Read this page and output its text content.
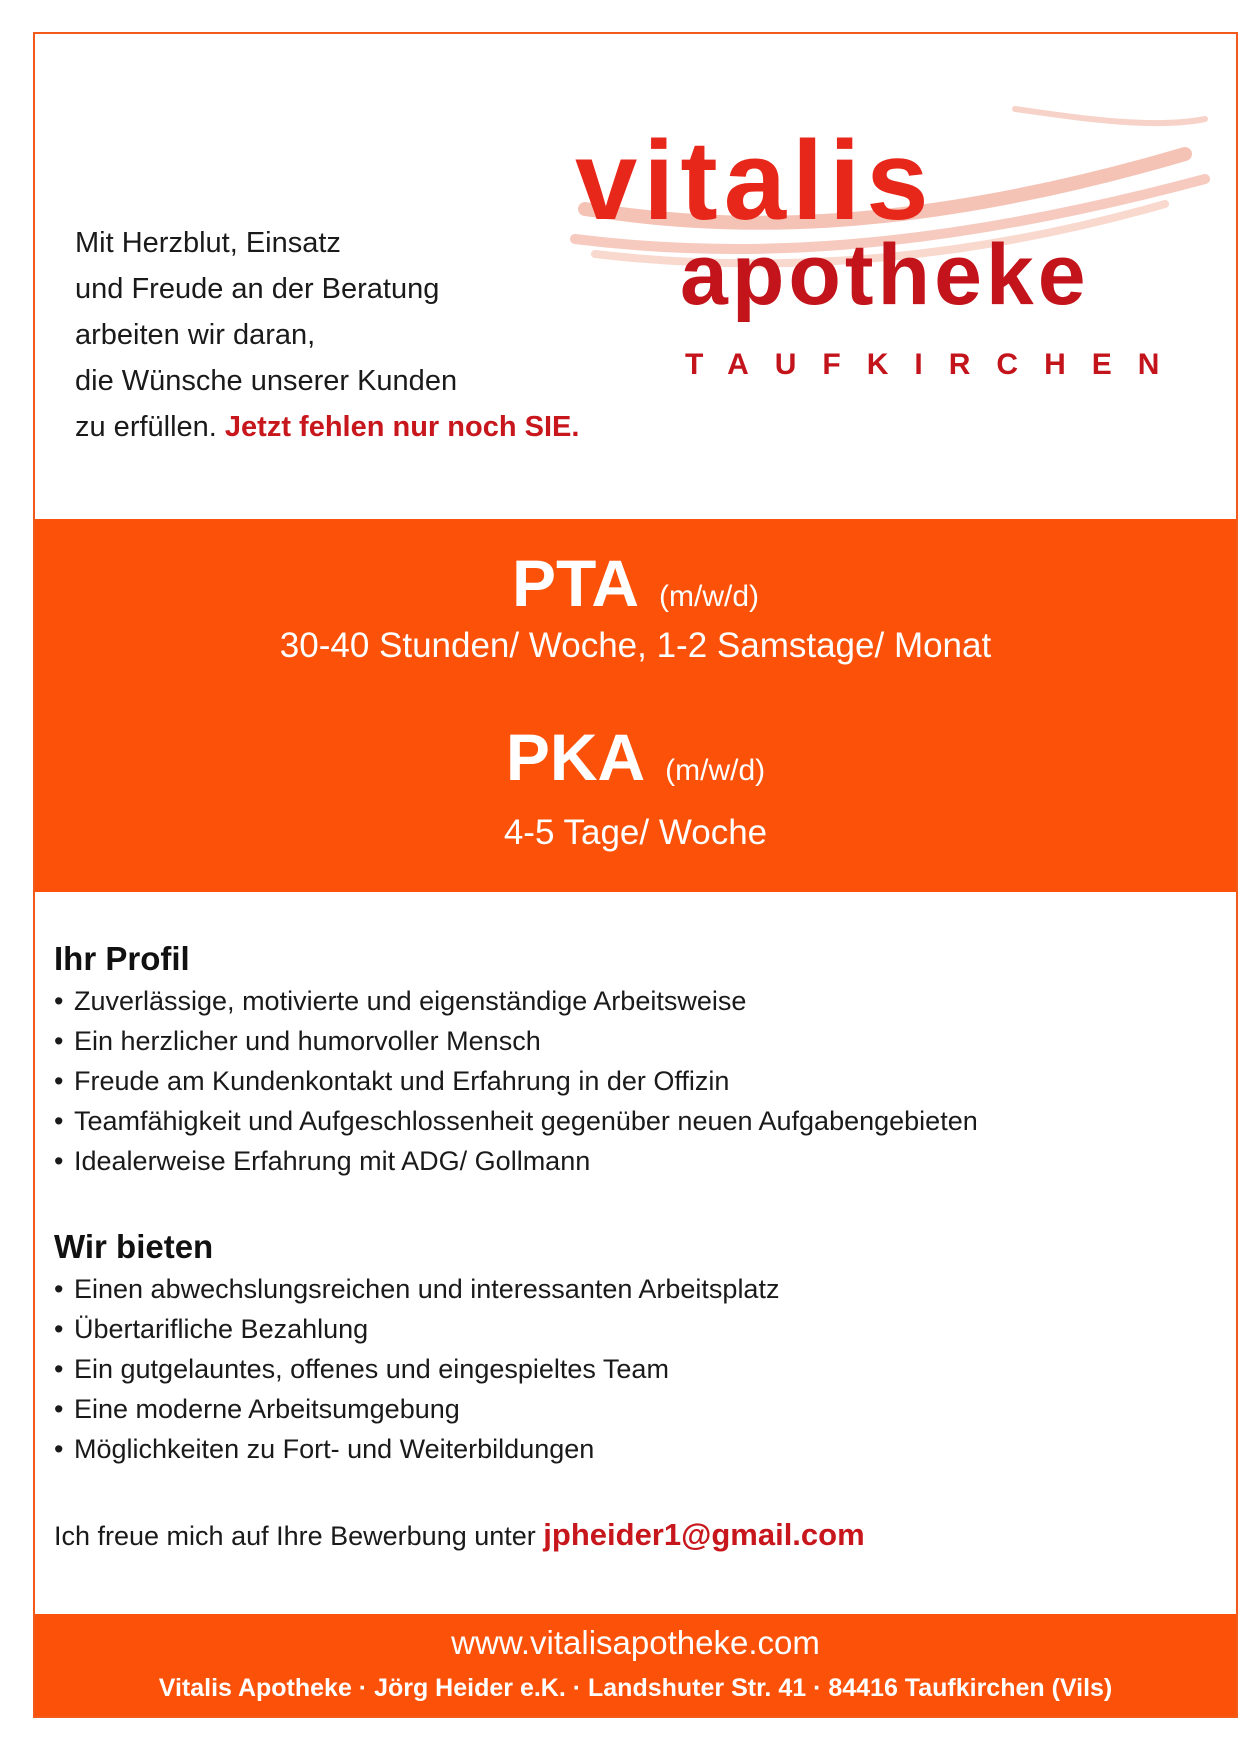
vitalis
apotheke
TAUFKIRCHEN
Mit Herzblut, Einsatz
und Freude an der Beratung
arbeiten wir daran,
die Wünsche unserer Kunden
zu erfüllen. Jetzt fehlen nur noch SIE.
PTA (m/w/d)
30-40 Stunden/ Woche, 1-2 Samstage/ Monat
PKA (m/w/d)
4-5 Tage/ Woche
Ihr Profil
• Zuverlässige, motivierte und eigenständige Arbeitsweise
• Ein herzlicher und humorvoller Mensch
• Freude am Kundenkontakt und Erfahrung in der Offizin
• Teamfähigkeit und Aufgeschlossenheit gegenüber neuen Aufgabengebieten
• Idealerweise Erfahrung mit ADG/ Gollmann
Wir bieten
• Einen abwechslungsreichen und interessanten Arbeitsplatz
• Übertarifliche Bezahlung
• Ein gutgelauntes, offenes und eingespieltes Team
• Eine moderne Arbeitsumgebung
• Möglichkeiten zu Fort- und Weiterbildungen
Ich freue mich auf Ihre Bewerbung unter jpheider1@gmail.com
www.vitalisapotheke.com
Vitalis Apotheke · Jörg Heider e.K. · Landshuter Str. 41 · 84416 Taufkirchen (Vils)
